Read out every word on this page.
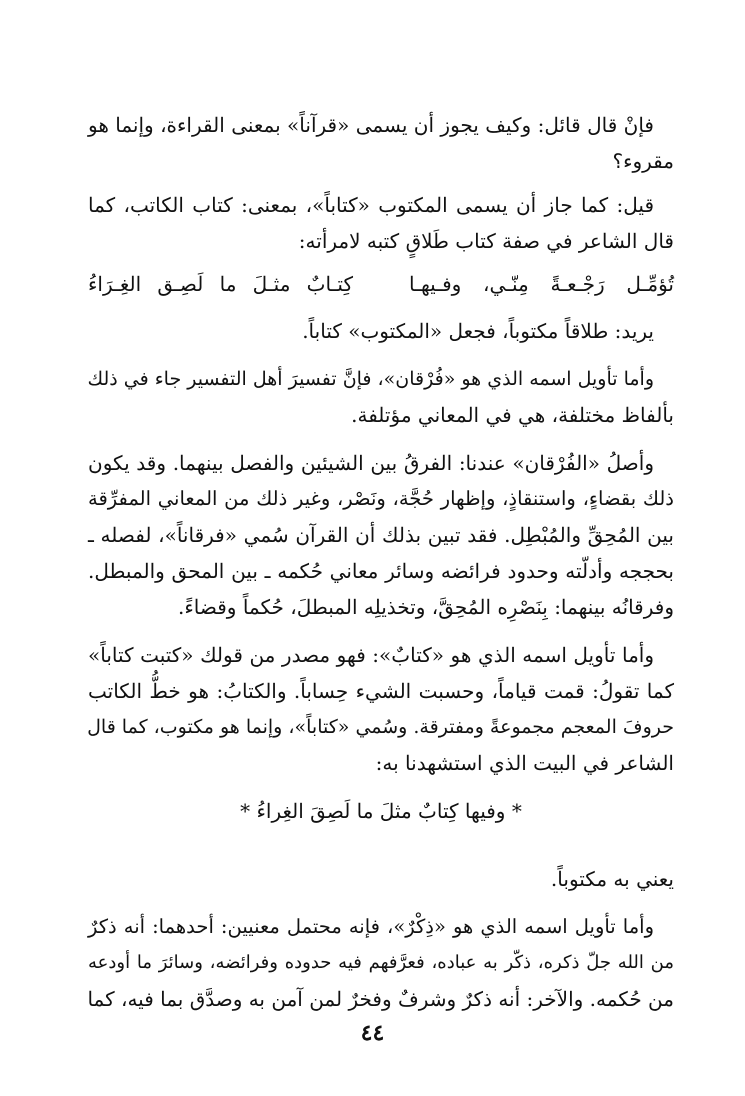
فإنْ قال قائل: وكيف يجوز أن يسمى «قرآناً» بمعنى القراءة، وإنما هو
مقروء؟
قيل: كما جاز أن يسمى المكتوب «كتاباً»، بمعنى: كتاب الكاتب، كما
قال الشاعر في صفة كتاب طَلاقٍ كتبه لامرأته:
تُؤمِّـل رَجْـعـةً مِنّـي، وفـيهـا
كِتـابٌ مثـلَ ما لَصِـق الغِـرَاءُ
يريد: طلاقاً مكتوباً، فجعل «المكتوب» كتاباً.
وأما تأويل اسمه الذي هو «فُرْقان»، فإنَّ تفسيرَ أهل التفسير جاء في ذلك
بألفاظ مختلفة، هي في المعاني مؤتلفة.
وأصلُ «الفُرْقان» عندنا: الفرقُ بين الشيئين والفصل بينهما. وقد يكون
ذلك بقضاءٍ، واستنقاذٍ، وإظهار حُجَّة، ونَصْر، وغير ذلك من المعاني المفرِّقة
بين المُحِقِّ والمُبْطِل. فقد تبين بذلك أن القرآن سُمي «فرقاناً»، لفصله ـ
بحججه وأدلّته وحدود فرائضه وسائر معاني حُكمه ـ بين المحق والمبطل.
وفرقانُه بينهما: بِنَصْرِه المُحِقَّ، وتخذيلِه المبطلَ، حُكماً وقضاءً.
وأما تأويل اسمه الذي هو «كتابٌ»: فهو مصدر من قولك «كتبت كتاباً»
كما تقولُ: قمت قياماً، وحسبت الشيء حِساباً. والكتابُ: هو خطُّ الكاتب
حروفَ المعجم مجموعةً ومفترقة. وسُمي «كتاباً»، وإنما هو مكتوب، كما قال
الشاعر في البيت الذي استشهدنا به:
* وفيها كِتابٌ مثلَ ما لَصِقَ الغِراءُ *
يعني به مكتوباً.
وأما تأويل اسمه الذي هو «ذِكْرٌ»، فإنه محتمل معنيين: أحدهما: أنه ذكرٌ
من الله جلّ ذكره، ذكّر به عباده، فعرَّفهم فيه حدوده وفرائضه، وسائرَ ما أودعه
من حُكمه. والآخر: أنه ذكرٌ وشرفٌ وفخرٌ لمن آمن به وصدَّق بما فيه، كما
٤٤
